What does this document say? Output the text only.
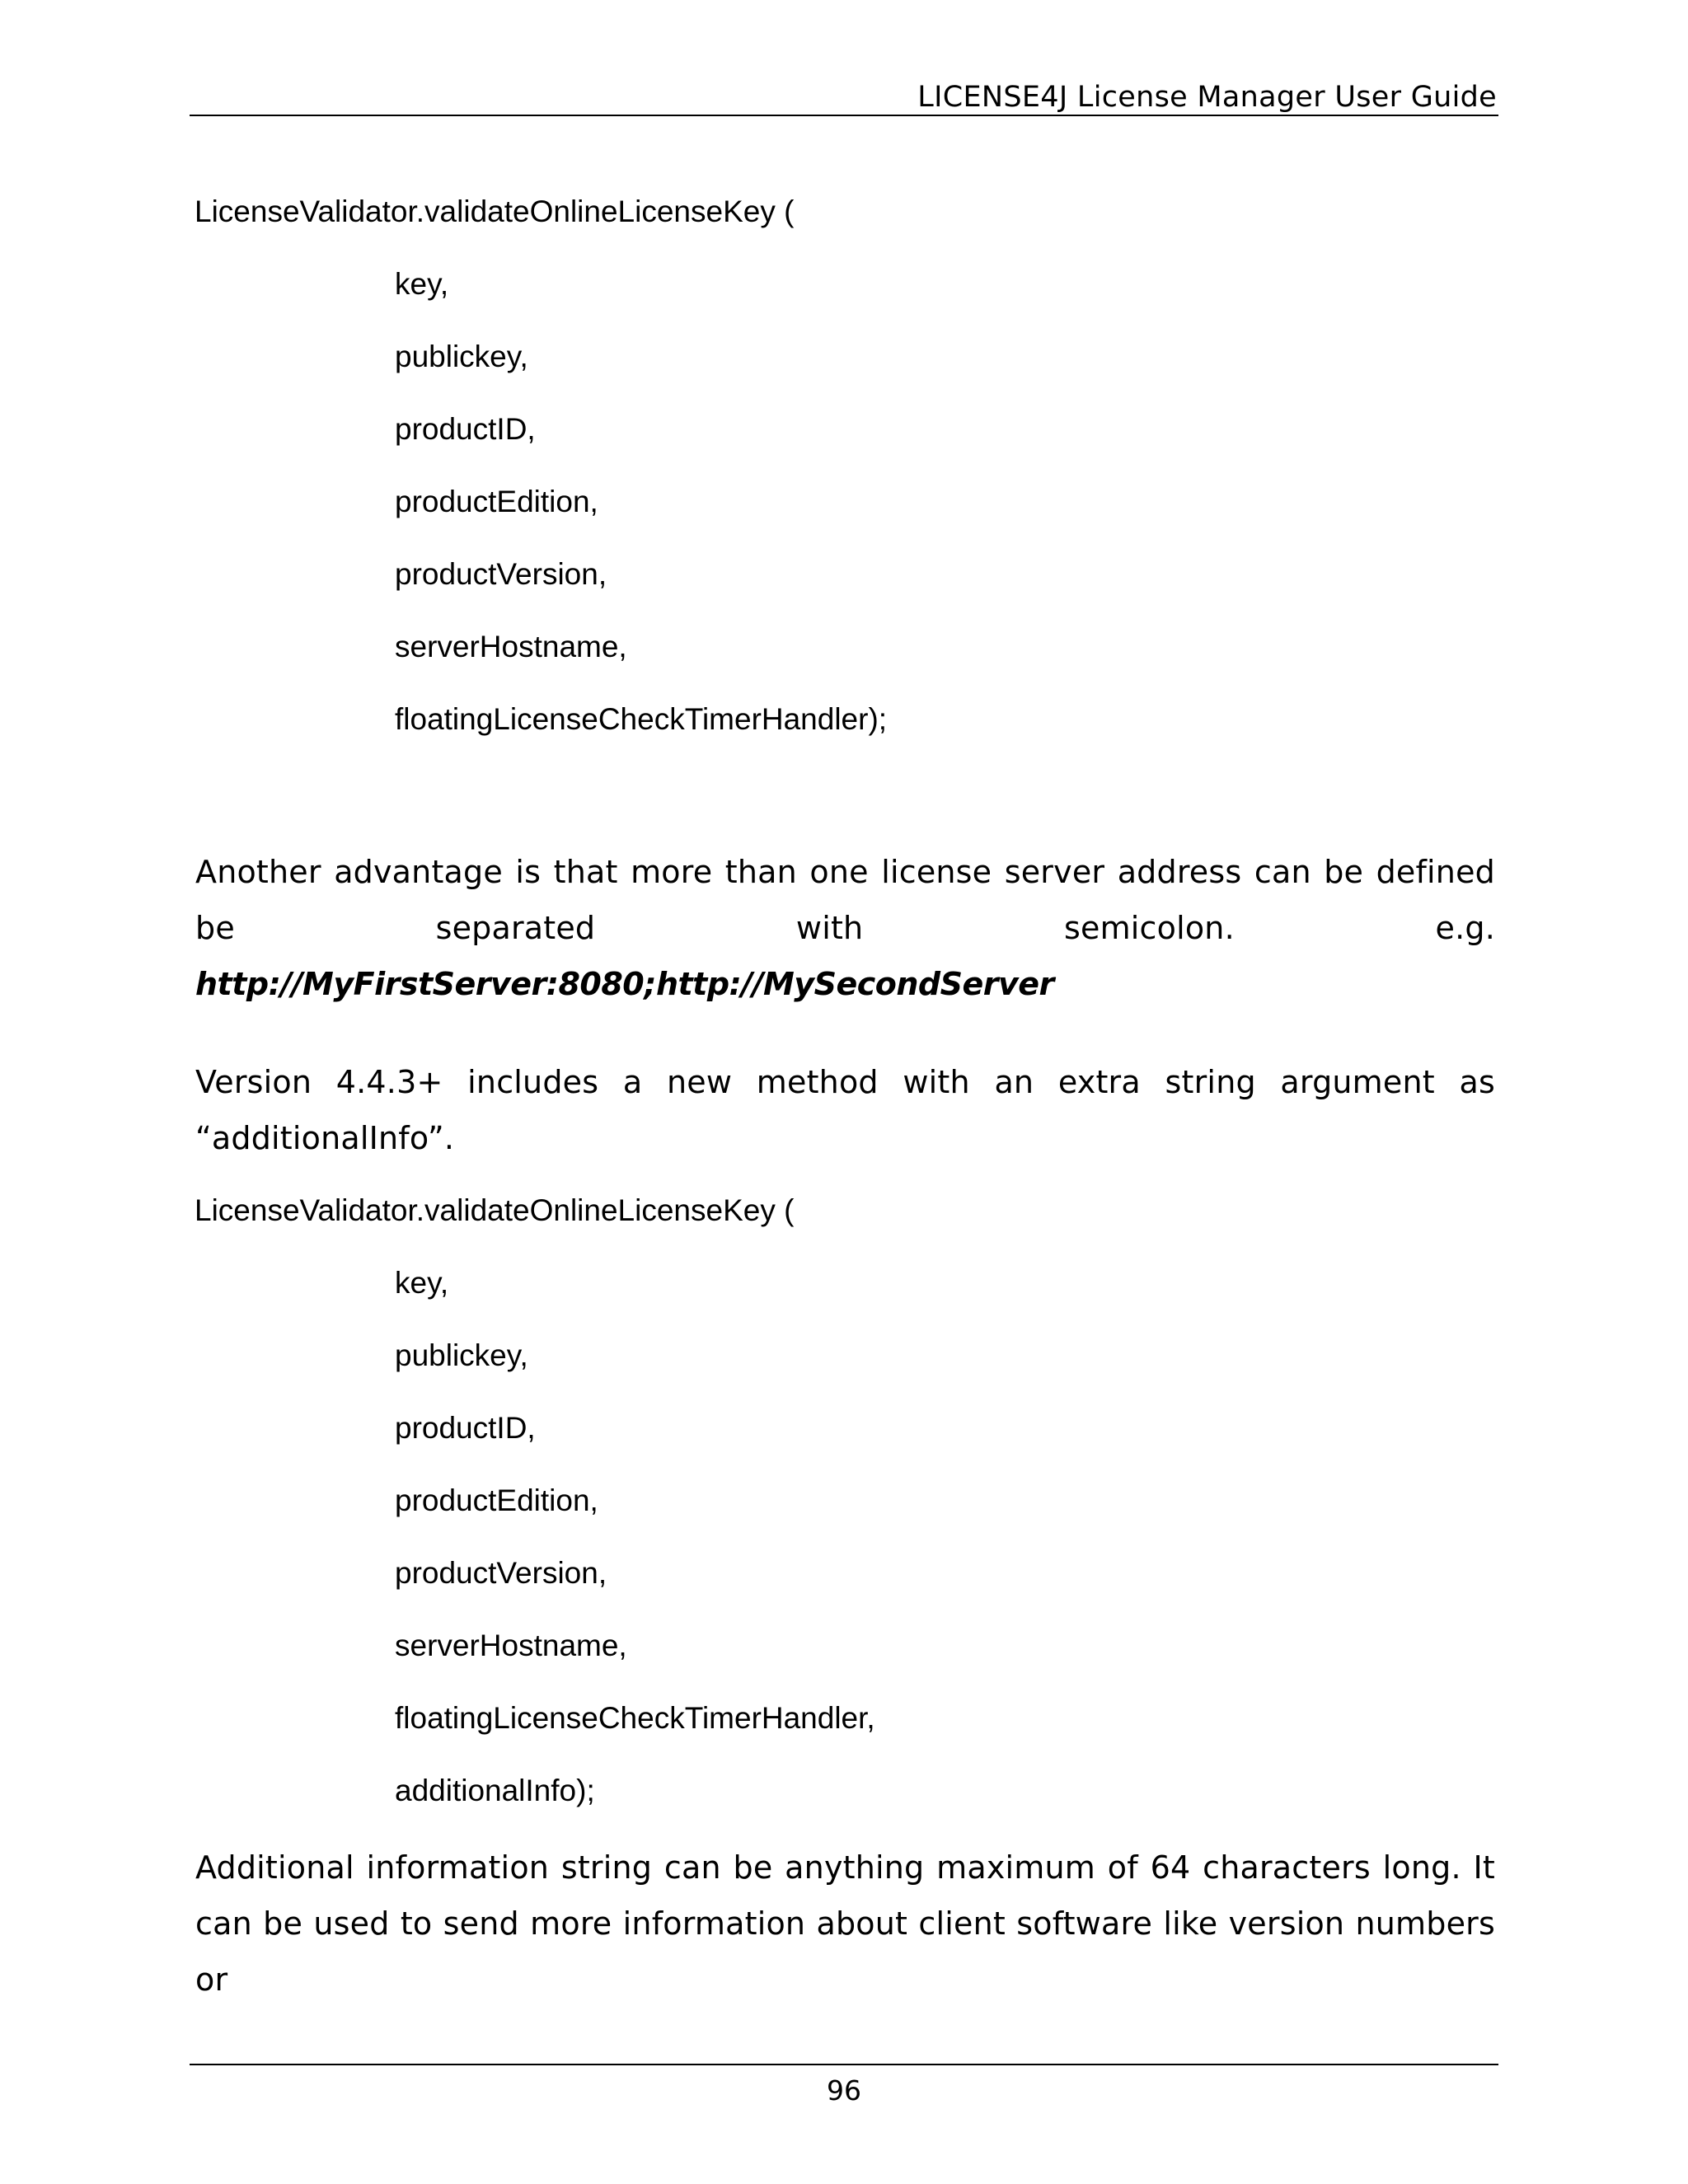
LICENSE4J License Manager User Guide
LicenseValidator.validateOnlineLicenseKey (
key,
publickey,
productID,
productEdition,
productVersion,
serverHostname,
floatingLicenseCheckTimerHandler);
Another advantage is that more than one license server address can be defined be separated with semicolon. e.g. http://MyFirstServer:8080;http://MySecondServer
Version 4.4.3+ includes a new method with an extra string argument as “additionalInfo”.
LicenseValidator.validateOnlineLicenseKey (
key,
publickey,
productID,
productEdition,
productVersion,
serverHostname,
floatingLicenseCheckTimerHandler,
additionalInfo);
Additional information string can be anything maximum of 64 characters long. It can be used to send more information about client software like version numbers or
96
